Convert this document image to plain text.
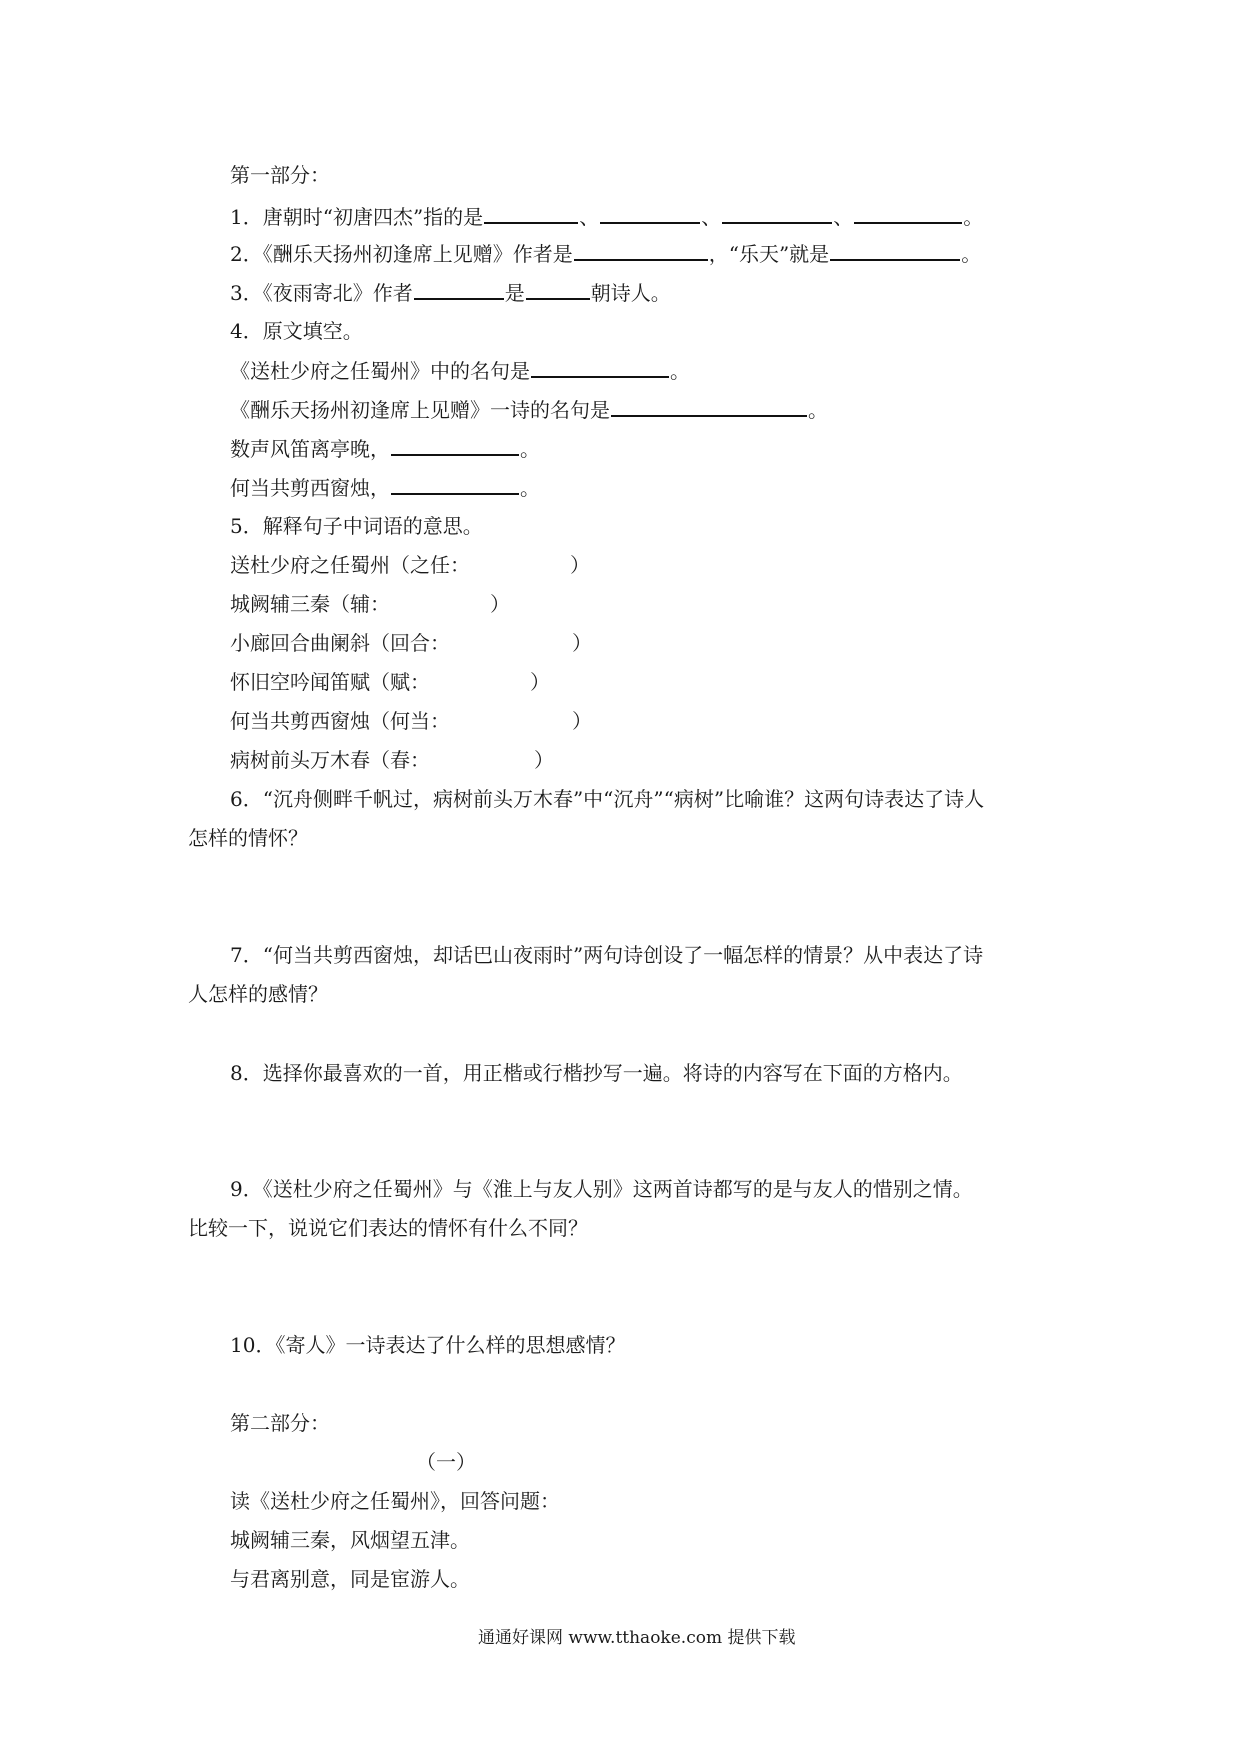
第一部分：
1．唐朝时“初唐四杰”指的是	、	、	、	。
2．《酬乐天扬州初逢席上见赠》作者是	，“乐天”就是	。
3．《夜雨寄北》作者	是	朝诗人。
4．原文填空。
《送杜少府之任蜀州》中的名句是	。
《酬乐天扬州初逢席上见赠》一诗的名句是	。
数声风笛离亭晚，	。
何当共剪西窗烛，	。
5．解释句子中词语的意思。
送杜少府之任蜀州（之任：	）
城阙辅三秦（辅：	）
小廊回合曲阑斜（回合：	）
怀旧空吟闻笛赋（赋：	）
何当共剪西窗烛（何当：	）
病树前头万木春（春：	）
6．“沉舟侧畔千帆过，病树前头万木春”中“沉舟”“病树”比喻谁？这两句诗表达了诗人
怎样的情怀？
7．“何当共剪西窗烛，却话巴山夜雨时”两句诗创设了一幅怎样的情景？从中表达了诗
人怎样的感情？
8．选择你最喜欢的一首，用正楷或行楷抄写一遍。将诗的内容写在下面的方格内。
9．《送杜少府之任蜀州》与《淮上与友人别》这两首诗都写的是与友人的惜别之情。
比较一下，说说它们表达的情怀有什么不同？
10．《寄人》一诗表达了什么样的思想感情？
第二部分：
（一）
读《送杜少府之任蜀州》，回答问题：
城阙辅三秦，风烟望五津。
与君离别意，同是宦游人。
通通好课网 www.tthaoke.com 提供下载
